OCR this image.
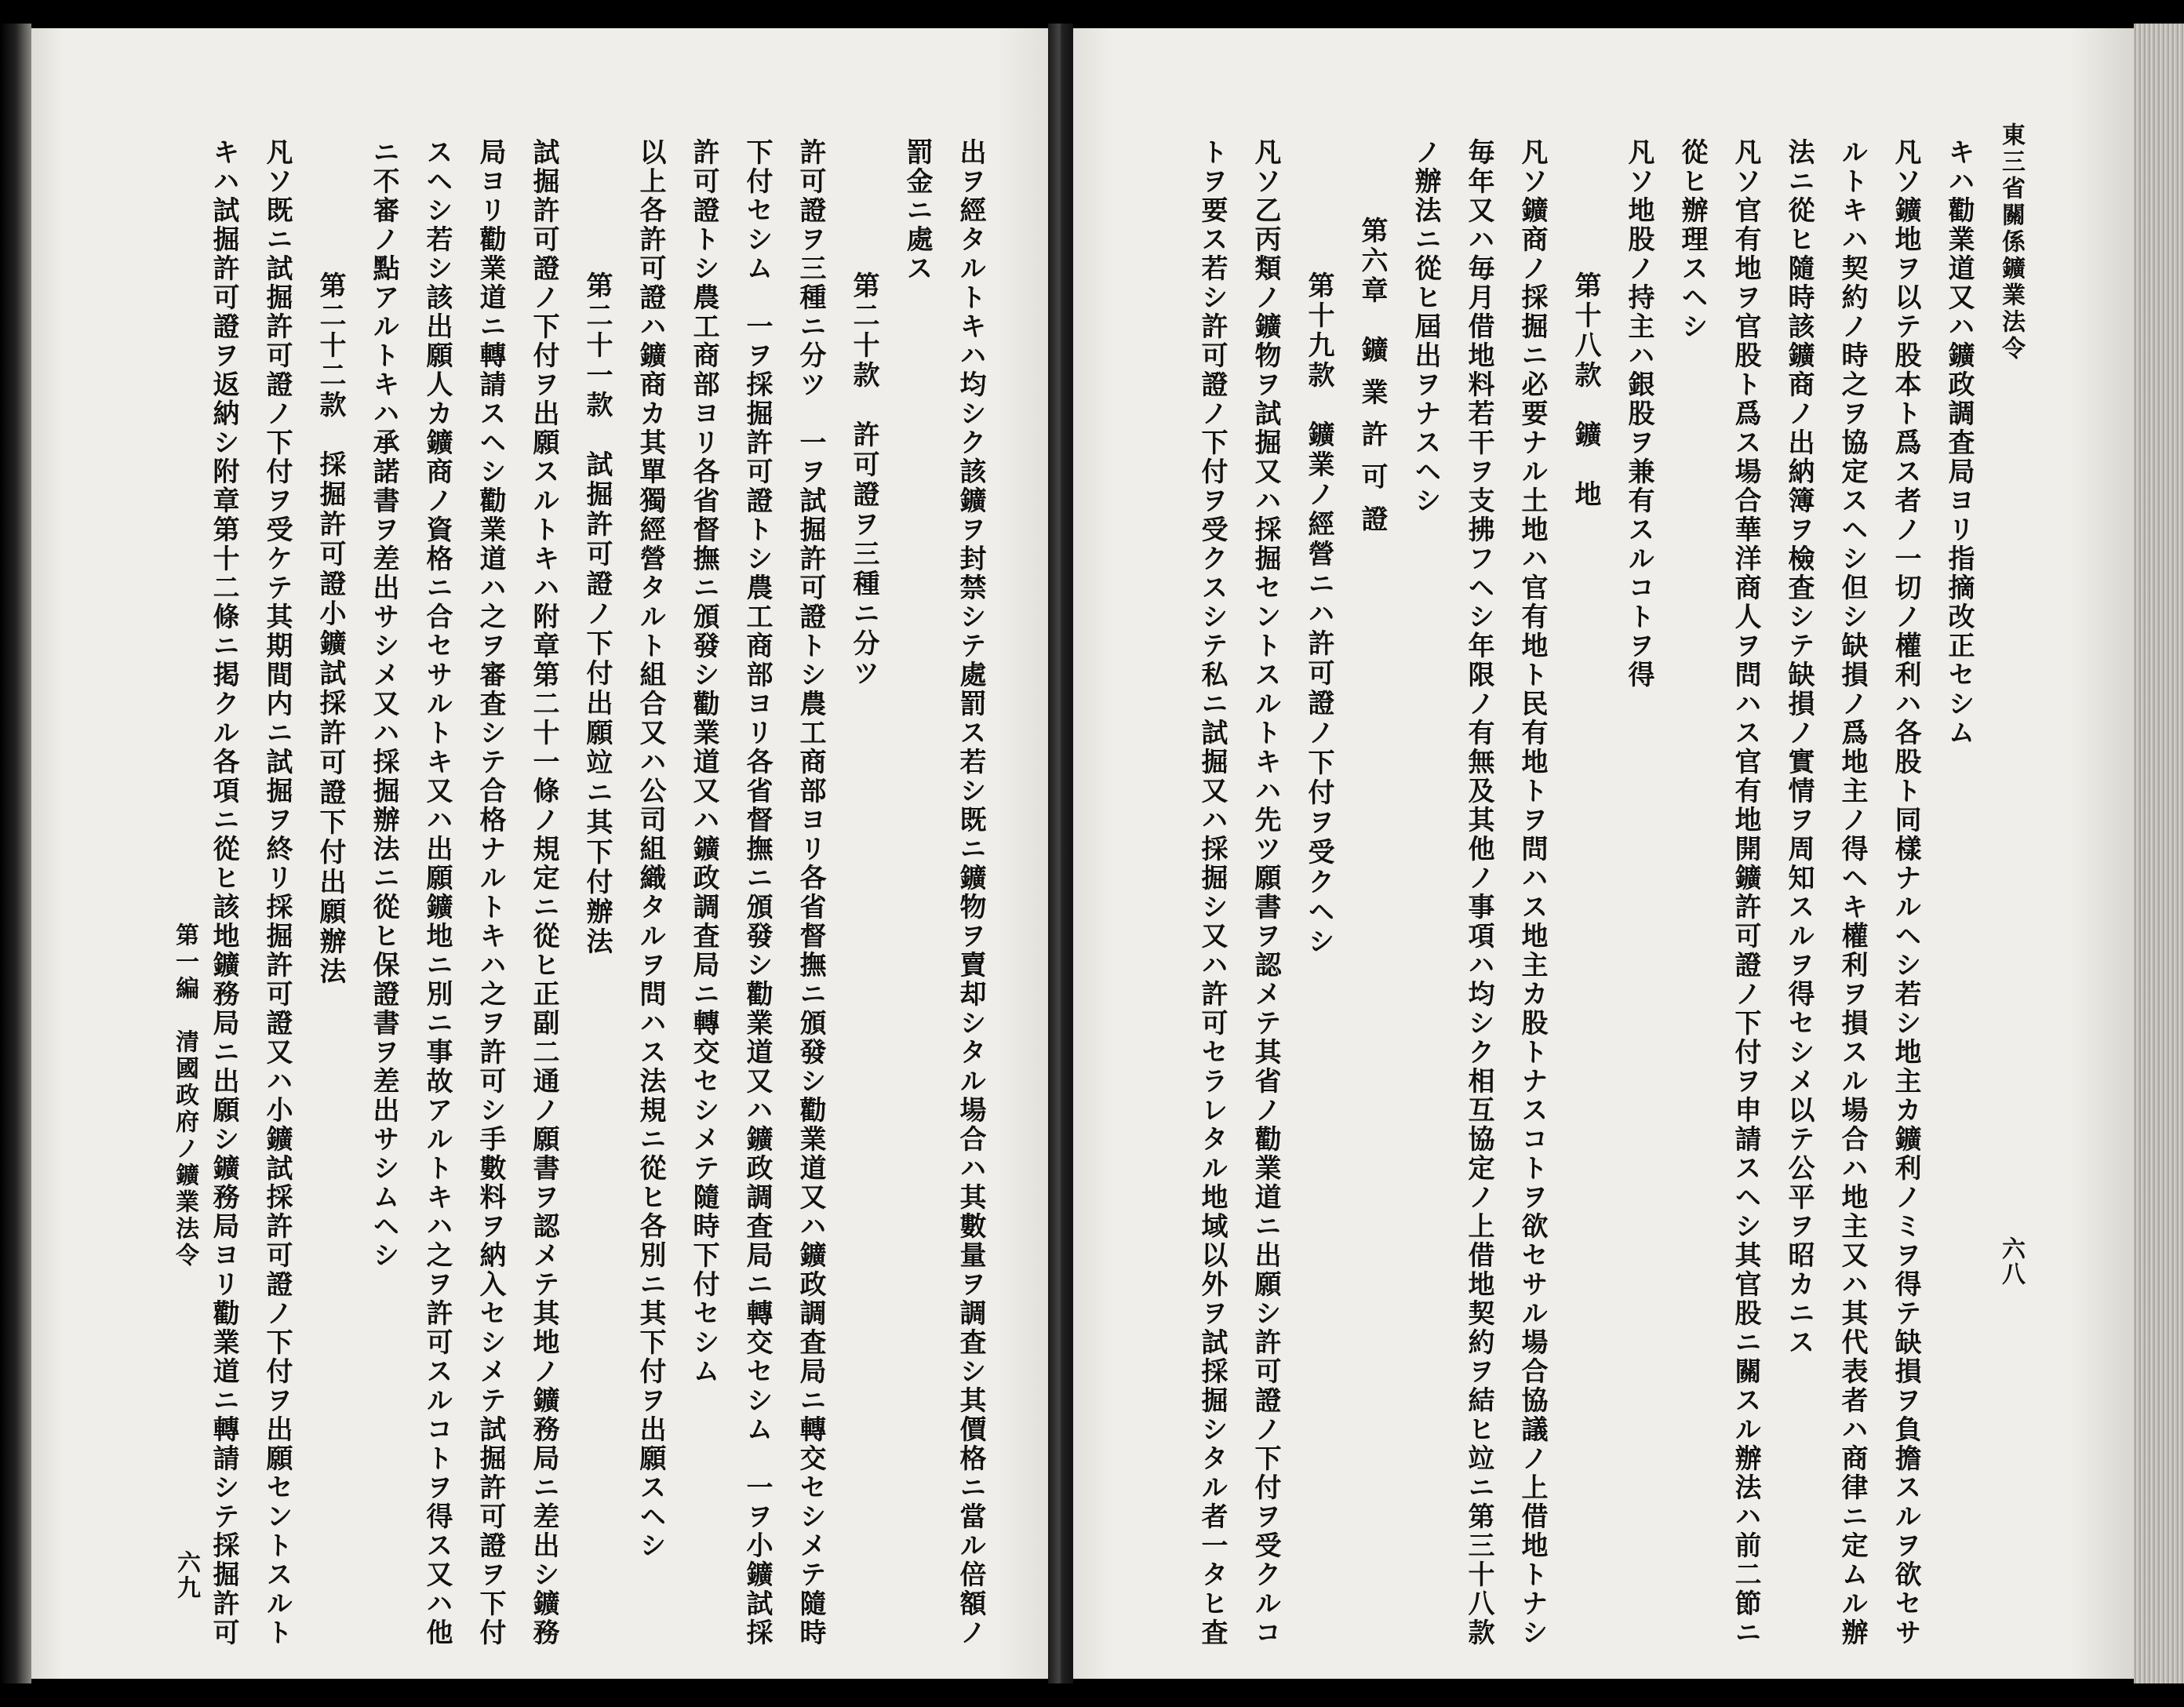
出ヲ經タルトキハ均シク該鑛ヲ封禁シテ處罰ス若シ既ニ鑛物ヲ賣却シタル場合ハ其數量ヲ調査シ其價格ニ當ル倍額ノ
罰金ニ處ス
第二十款　許可證ヲ三種ニ分ツ
許可證ヲ三種ニ分ツ　一ヲ試掘許可證トシ農工商部ヨリ各省督撫ニ頒發シ勸業道又ハ鑛政調査局ニ轉交セシメテ隨時
下付セシム　一ヲ採掘許可證トシ農工商部ヨリ各省督撫ニ頒發シ勸業道又ハ鑛政調査局ニ轉交セシム　一ヲ小鑛試採
許可證トシ農工商部ヨリ各省督撫ニ頒發シ勸業道又ハ鑛政調査局ニ轉交セシメテ隨時下付セシム
以上各許可證ハ鑛商カ其單獨經營タルト組合又ハ公司組織タルヲ問ハス法規ニ從ヒ各別ニ其下付ヲ出願スヘシ
第二十一款　試掘許可證ノ下付出願竝ニ其下付辦法
試掘許可證ノ下付ヲ出願スルトキハ附章第二十一條ノ規定ニ從ヒ正副二通ノ願書ヲ認メテ其地ノ鑛務局ニ差出シ鑛務
局ヨリ勸業道ニ轉請スヘシ勸業道ハ之ヲ審査シテ合格ナルトキハ之ヲ許可シ手數料ヲ納入セシメテ試掘許可證ヲ下付
スヘシ若シ該出願人カ鑛商ノ資格ニ合セサルトキ又ハ出願鑛地ニ別ニ事故アルトキハ之ヲ許可スルコトヲ得ス又ハ他
ニ不審ノ點アルトキハ承諾書ヲ差出サシメ又ハ採掘辦法ニ從ヒ保證書ヲ差出サシムヘシ
第二十二款　採掘許可證小鑛試採許可證下付出願辦法
凡ソ既ニ試掘許可證ノ下付ヲ受ケテ其期間内ニ試掘ヲ終リ採掘許可證又ハ小鑛試採許可證ノ下付ヲ出願セントスルト
キハ試掘許可證ヲ返納シ附章第十二條ニ掲クル各項ニ從ヒ該地鑛務局ニ出願シ鑛務局ヨリ勸業道ニ轉請シテ採掘許可
第一編　清國政府ノ鑛業法令
六九
東三省關係鑛業法令
六八
キハ勸業道又ハ鑛政調査局ヨリ指摘改正セシム
凡ソ鑛地ヲ以テ股本ト爲ス者ノ一切ノ權利ハ各股ト同樣ナルヘシ若シ地主カ鑛利ノミヲ得テ缺損ヲ負擔スルヲ欲セサ
ルトキハ契約ノ時之ヲ協定スヘシ但シ缺損ノ爲地主ノ得ヘキ權利ヲ損スル場合ハ地主又ハ其代表者ハ商律ニ定ムル辦
法ニ從ヒ隨時該鑛商ノ出納簿ヲ檢査シテ缺損ノ實情ヲ周知スルヲ得セシメ以テ公平ヲ昭カニス
凡ソ官有地ヲ官股ト爲ス場合華洋商人ヲ問ハス官有地開鑛許可證ノ下付ヲ申請スヘシ其官股ニ關スル辦法ハ前二節ニ
從ヒ辦理スヘシ
凡ソ地股ノ持主ハ銀股ヲ兼有スルコトヲ得
第十八款　鑛　地
凡ソ鑛商ノ採掘ニ必要ナル土地ハ官有地ト民有地トヲ問ハス地主カ股トナスコトヲ欲セサル場合協議ノ上借地トナシ
毎年又ハ毎月借地料若干ヲ支拂フヘシ年限ノ有無及其他ノ事項ハ均シク相互協定ノ上借地契約ヲ結ヒ竝ニ第三十八款
ノ辦法ニ從ヒ屆出ヲナスヘシ
第六章　鑛 業 許 可 證
第十九款　鑛業ノ經營ニハ許可證ノ下付ヲ受クヘシ
凡ソ乙丙類ノ鑛物ヲ試掘又ハ採掘セントスルトキハ先ツ願書ヲ認メテ其省ノ勸業道ニ出願シ許可證ノ下付ヲ受クルコ
トヲ要ス若シ許可證ノ下付ヲ受クスシテ私ニ試掘又ハ採掘シ又ハ許可セラレタル地域以外ヲ試採掘シタル者一タヒ査
